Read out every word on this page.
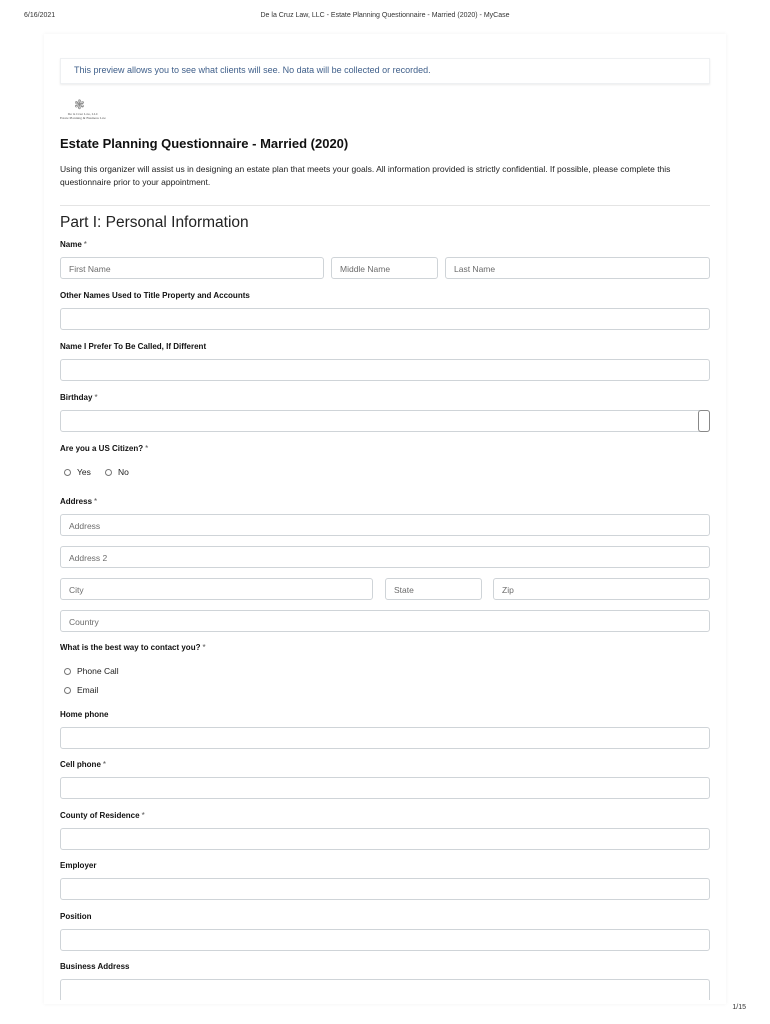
6/16/2021	De la Cruz Law, LLC - Estate Planning Questionnaire - Married (2020) - MyCase
1/15
This preview allows you to see what clients will see. No data will be collected or recorded.
❃
De la Cruz Law, LLC
Estate Planning & Business Law
Estate Planning Questionnaire - Married (2020)
Using this organizer will assist us in designing an estate plan that meets your goals. All information provided is strictly confidential. If possible, please complete this questionnaire prior to your appointment.
Part I: Personal Information
Name *
First Name	Middle Name	Last Name
Other Names Used to Title Property and Accounts
Name I Prefer To Be Called, If Different
Birthday *
Are you a US Citizen? *
Yes	No
Address *
Address
Address 2
City	State	Zip
Country
What is the best way to contact you? *
Phone Call
Email
Home phone
Cell phone *
County of Residence *
Employer
Position
Business Address
